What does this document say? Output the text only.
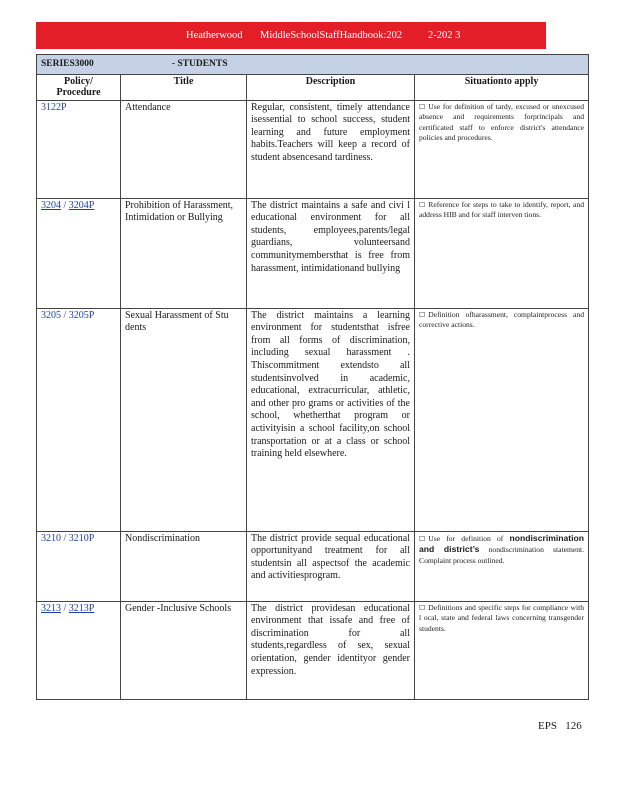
Heatherwood MiddleSchoolStaffHandbook:202 2-202 3
SERIES3000 - STUDENTS			
Policy/ Procedure	Title	Description	Situationto apply
3122P	Attendance	Regular, consistent, timely attendance isessential to school success, student learning and future employment habits.Teachers will keep a record of student absencesand tardiness.	☐ Use for definition of tardy, excused or unexcused absence and requirements forprincipals and certificated staff to enforce district's attendance policies and procedures.
3204 / 3204P	Prohibition of Harassment, Intimidation or Bullying	The district maintains a safe and civi l educational environment for all students, employees,parents/legal guardians, volunteersand communitymembersthat is free from harassment, intimidationand bullying	☐ Reference for steps to take to identify, report, and address HIB and for staff interven tions.
3205 / 3205P	Sexual Harassment of Stu dents	The district maintains a learning environment for studentsthat isfree from all forms of discrimination, including sexual harassment . Thiscommitment extendsto all studentsinvolved in academic, educational, extracurricular, athletic, and other pro grams or activities of the school, whetherthat program or activityisin a school facility,on school transportation or at a class or school training held elsewhere.	☐ Definition ofharassment, complaintprocess and corrective actions.
3210 / 3210P	Nondiscrimination	The district provide sequal educational opportunityand treatment for all studentsin all aspectsof the academic and activitiesprogram.	☐ Use for definition of nondiscrimination and district’s nondiscrimination statement. Complaint process outlined.
3213 / 3213P	Gender -Inclusive Schools	The district providesan educational environment that issafe and free of discrimination for all students,regardless of sex, sexual orientation, gender identityor gender expression.	☐ Definitions and specific steps for compliance with l ocal, state and federal laws concerning transgender students.
EPS 126
